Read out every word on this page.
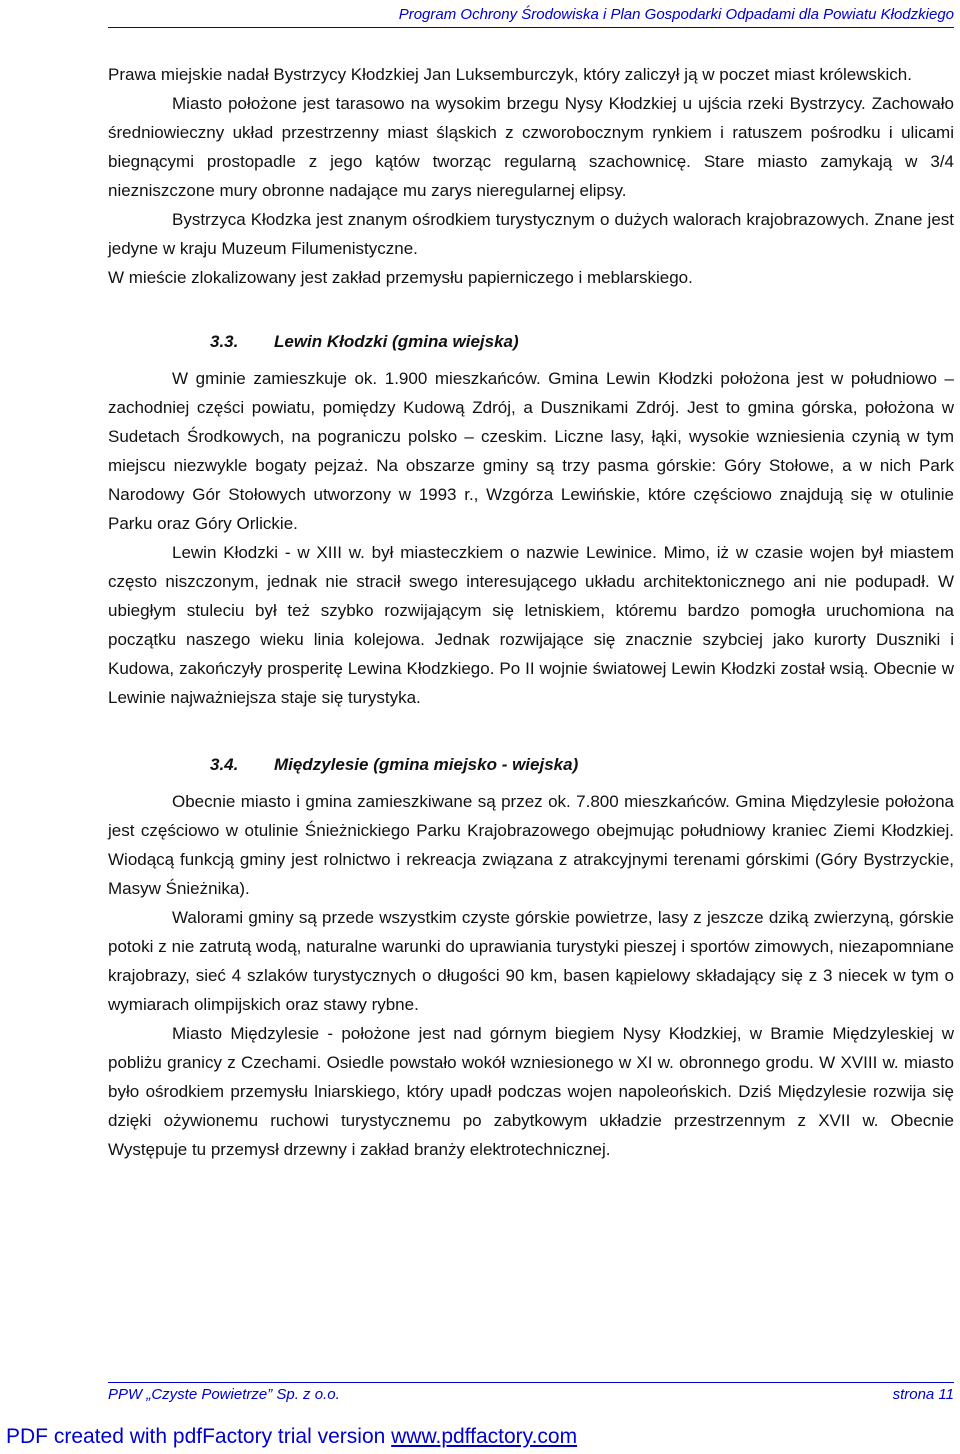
Program Ochrony Środowiska i Plan Gospodarki Odpadami dla Powiatu Kłodzkiego

Prawa miejskie nadał Bystrzycy Kłodzkiej Jan Luksemburczyk, który zaliczył ją w poczet miast królewskich.

Miasto położone jest tarasowo na wysokim brzegu Nysy Kłodzkiej u ujścia rzeki Bystrzycy. Zachowało średniowieczny układ przestrzenny miast śląskich z czworobocznym rynkiem i ratuszem pośrodku i ulicami biegnącymi prostopadle z jego kątów tworząc regularną szachownicę. Stare miasto zamykają w 3/4 niezniszczone mury obronne nadające mu zarys nieregularnej elipsy.

Bystrzyca Kłodzka jest znanym ośrodkiem turystycznym o dużych walorach krajobrazowych. Znane jest jedyne w kraju Muzeum Filumenistyczne.

W mieście zlokalizowany jest zakład przemysłu papierniczego i meblarskiego.

3.3. Lewin Kłodzki (gmina wiejska)

W gminie zamieszkuje ok. 1.900 mieszkańców. Gmina Lewin Kłodzki położona jest w południowo – zachodniej części powiatu, pomiędzy Kudową Zdrój, a Dusznikami Zdrój. Jest to gmina górska, położona w Sudetach Środkowych, na pograniczu polsko – czeskim. Liczne lasy, łąki, wysokie wzniesienia czynią w tym miejscu niezwykle bogaty pejzaż. Na obszarze gminy są trzy pasma górskie: Góry Stołowe, a w nich Park Narodowy Gór Stołowych utworzony w 1993 r., Wzgórza Lewińskie, które częściowo znajdują się w otulinie Parku oraz Góry Orlickie.

Lewin Kłodzki - w XIII w. był miasteczkiem o nazwie Lewinice. Mimo, iż w czasie wojen był miastem często niszczonym, jednak nie stracił swego interesującego układu architektonicznego ani nie podupadł. W ubiegłym stuleciu był też szybko rozwijającym się letniskiem, któremu bardzo pomogła uruchomiona na początku naszego wieku linia kolejowa. Jednak rozwijające się znacznie szybciej jako kurorty Duszniki i Kudowa, zakończyły prosperitę Lewina Kłodzkiego. Po II wojnie światowej Lewin Kłodzki został wsią. Obecnie w Lewinie najważniejsza staje się turystyka.

3.4. Międzylesie (gmina miejsko - wiejska)

Obecnie miasto i gmina zamieszkiwane są przez ok. 7.800 mieszkańców. Gmina Międzylesie położona jest częściowo w otulinie Śnieżnickiego Parku Krajobrazowego obejmując południowy kraniec Ziemi Kłodzkiej. Wiodącą funkcją gminy jest rolnictwo i rekreacja związana z atrakcyjnymi terenami górskimi (Góry Bystrzyckie, Masyw Śnieżnika).

Walorami gminy są przede wszystkim czyste górskie powietrze, lasy z jeszcze dziką zwierzyną, górskie potoki z nie zatrutą wodą, naturalne warunki do uprawiania turystyki pieszej i sportów zimowych, niezapomniane krajobrazy, sieć 4 szlaków turystycznych o długości 90 km, basen kąpielowy składający się z 3 niecek w tym o wymiarach olimpijskich oraz stawy rybne.

Miasto Międzylesie - położone jest nad górnym biegiem Nysy Kłodzkiej, w Bramie Międzyleskiej w pobliżu granicy z Czechami. Osiedle powstało wokół wzniesionego w XI w. obronnego grodu. W XVIII w. miasto było ośrodkiem przemysłu lniarskiego, który upadł podczas wojen napoleońskich. Dziś Międzylesie rozwija się dzięki ożywionemu ruchowi turystycznemu po zabytkowym układzie przestrzennym z XVII w. Obecnie Występuje tu przemysł drzewny i zakład branży elektrotechnicznej.

PPW „Czyste Powietrze” Sp. z o.o.	strona 11
PDF created with pdfFactory trial version www.pdffactory.com
